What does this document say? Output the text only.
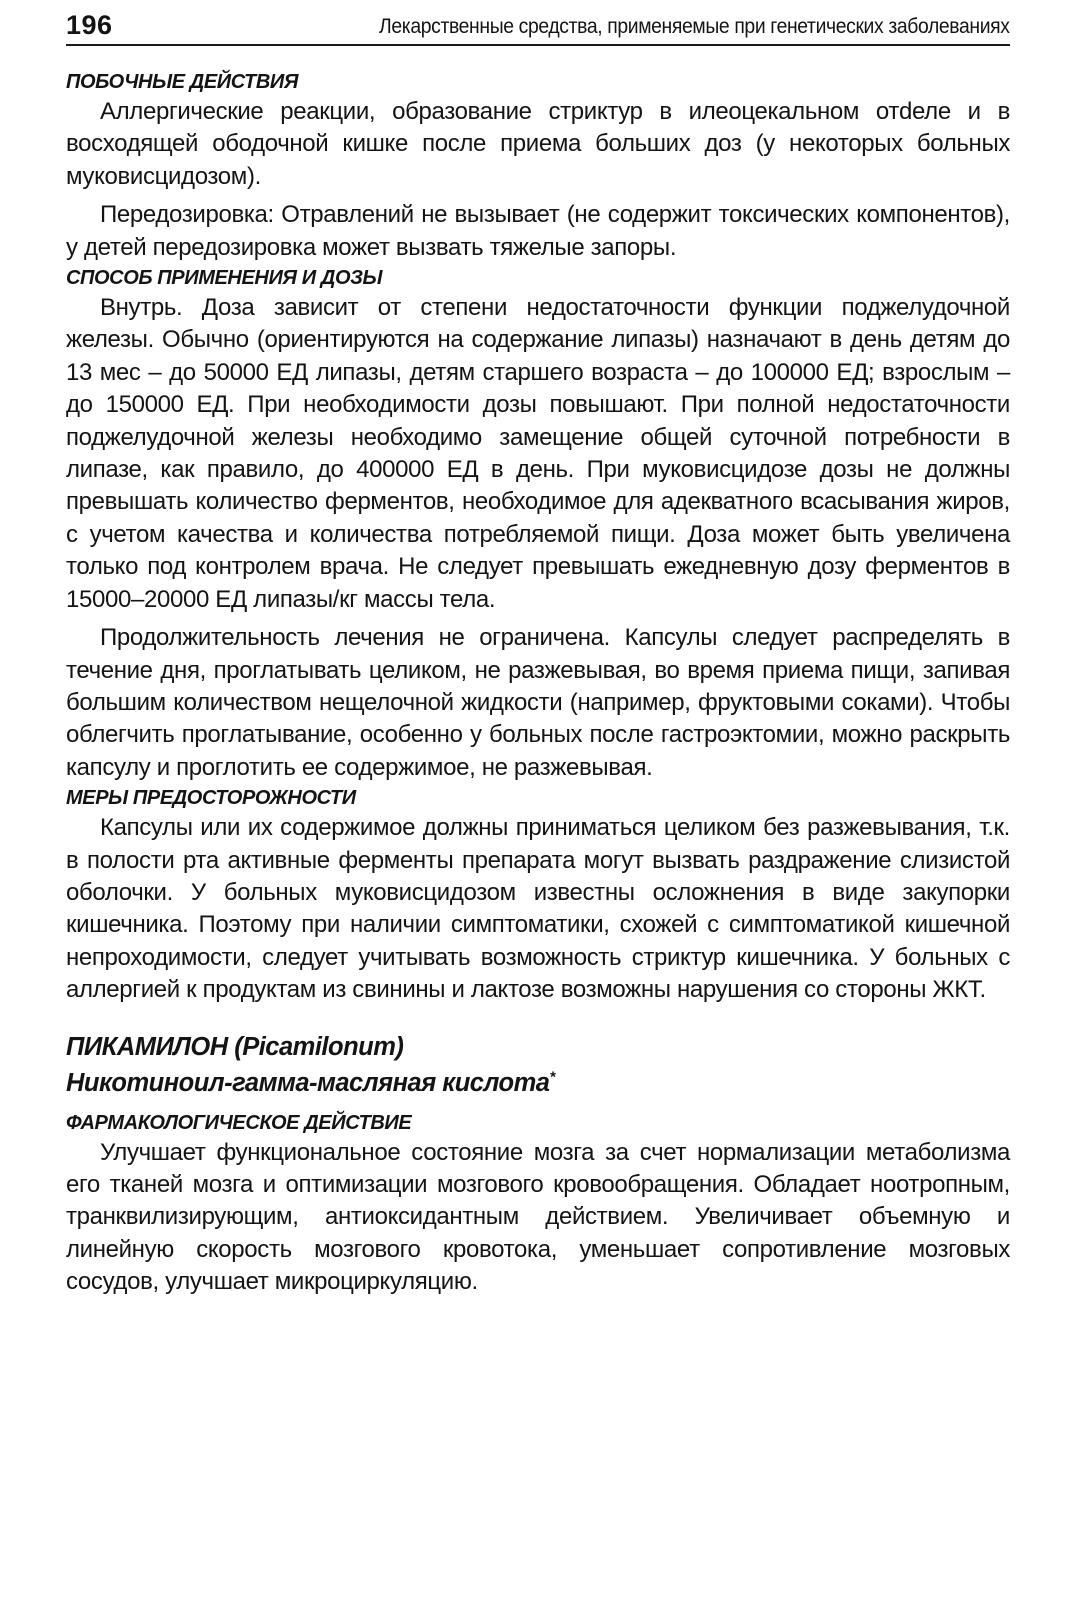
196	Лекарственные средства, применяемые при генетических заболеваниях
ПОБОЧНЫЕ ДЕЙСТВИЯ

Аллергические реакции, образование стриктур в илеоцекальном отdеле и в восходящей ободочной кишке после приема больших доз (у некоторых больных муковисцидозом).

Передозировка: Отравлений не вызывает (не содержит токсических компонентов), у детей передозировка может вызвать тяжелые запоры.

СПОСОБ ПРИМЕНЕНИЯ И ДОЗЫ

Внутрь. Доза зависит от степени недостаточности функции поджелудочной железы. Обычно (ориентируются на содержание липазы) назначают в день детям до 13 мес – до 50000 ЕД липазы, детям старшего возраста – до 100000 ЕД; взрослым – до 150000 ЕД. При необходимости дозы повышают. При полной недостаточности поджелудочной железы необходимо замещение общей суточной потребности в липазе, как правило, до 400000 ЕД в день. При муковисцидозе дозы не должны превышать количество ферментов, необходимое для адекватного всасывания жиров, с учетом качества и количества потребляемой пищи. Доза может быть увеличена только под контролем врача. Не следует превышать ежедневную дозу ферментов в 15000–20000 ЕД липазы/кг массы тела.

Продолжительность лечения не ограничена. Капсулы следует распределять в течение дня, проглатывать целиком, не разжевывая, во время приема пищи, запивая большим количеством нещелочной жидкости (например, фруктовыми соками). Чтобы облегчить проглатывание, особенно у больных после гастроэктомии, можно раскрыть капсулу и проглотить ее содержимое, не разжевывая.

МЕРЫ ПРЕДОСТОРОЖНОСТИ

Капсулы или их содержимое должны приниматься целиком без разжевывания, т.к. в полости рта активные ферменты препарата могут вызвать раздражение слизистой оболочки. У больных муковисцидозом известны осложнения в виде закупорки кишечника. Поэтому при наличии симптоматики, схожей с симптоматикой кишечной непроходимости, следует учитывать возможность стриктур кишечника. У больных с аллергией к продуктам из свинины и лактозе возможны нарушения со стороны ЖКТ.

ПИКАМИЛОН (Picamilonum)
Никотиноил-гамма-масляная кислота*
ФАРМАКОЛОГИЧЕСКОЕ ДЕЙСТВИЕ

Улучшает функциональное состояние мозга за счет нормализации метаболизма его тканей мозга и оптимизации мозгового кровообращения. Обладает ноотропным, транквилизирующим, антиоксидантным действием. Увеличивает объемную и линейную скорость мозгового кровотока, уменьшает сопротивление мозговых сосудов, улучшает микроциркуляцию.
